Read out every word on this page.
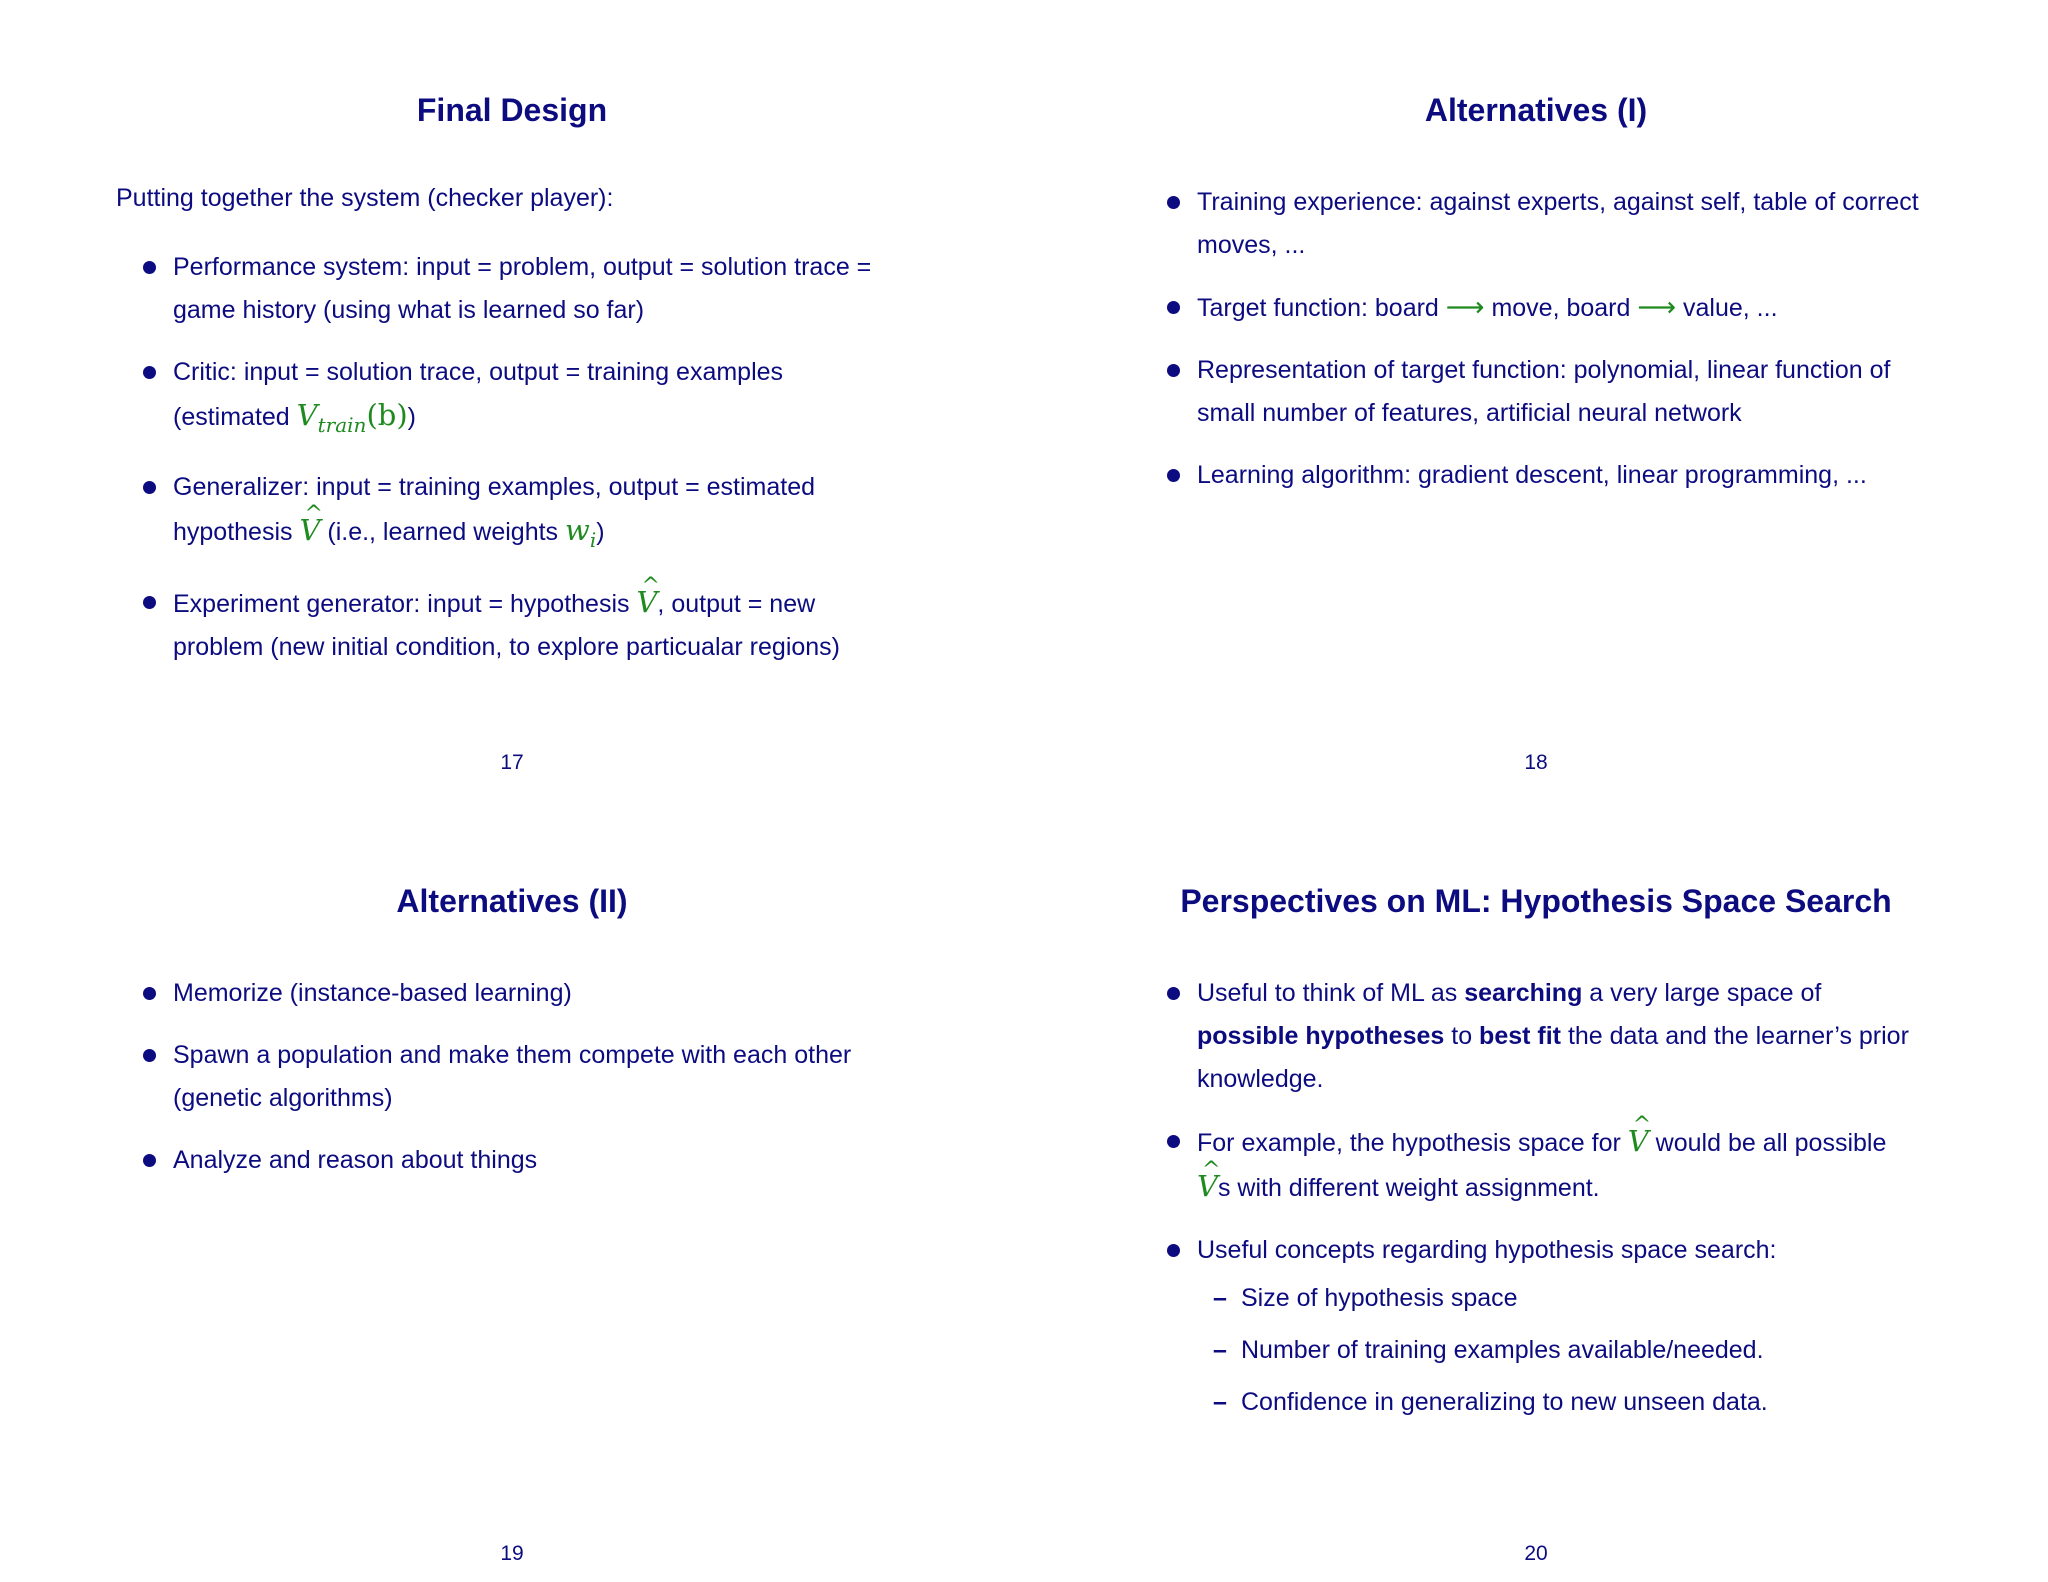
Final Design
Putting together the system (checker player):
17
Performance system: input = problem, output = solution trace =
game history (using what is learned so far)
Critic: input = solution trace, output = training examples
(estimated $V_{train}(b)$)
Generalizer: input = training examples, output = estimated
hypothesis ^ V (i.e., learned weights $w_i$)
Experiment generator: input = hypothesis ^ V, output = new
problem (new initial condition, to explore particualar regions)
Alternatives (I)
18
Training experience: against experts, against self, table of correct
moves, ...
Target function: board ⟶ move, board ⟶ value, ...
Representation of target function: polynomial, linear function of
small number of features, artificial neural network
Learning algorithm: gradient descent, linear programming, ...
Alternatives (II)
19
Memorize (instance-based learning)
Spawn a population and make them compete with each other
(genetic algorithms)
Analyze and reason about things
Perspectives on ML: Hypothesis Space Search
20
Useful to think of ML as searching a very large space of
possible hypotheses to best fit the data and the learner’s prior
knowledge.
For example, the hypothesis space for ^ V would be all possible
^ Vs with different weight assignment.
Useful concepts regarding hypothesis space search:
– Size of hypothesis space
– Number of training examples available/needed.
– Confidence in generalizing to new unseen data.
